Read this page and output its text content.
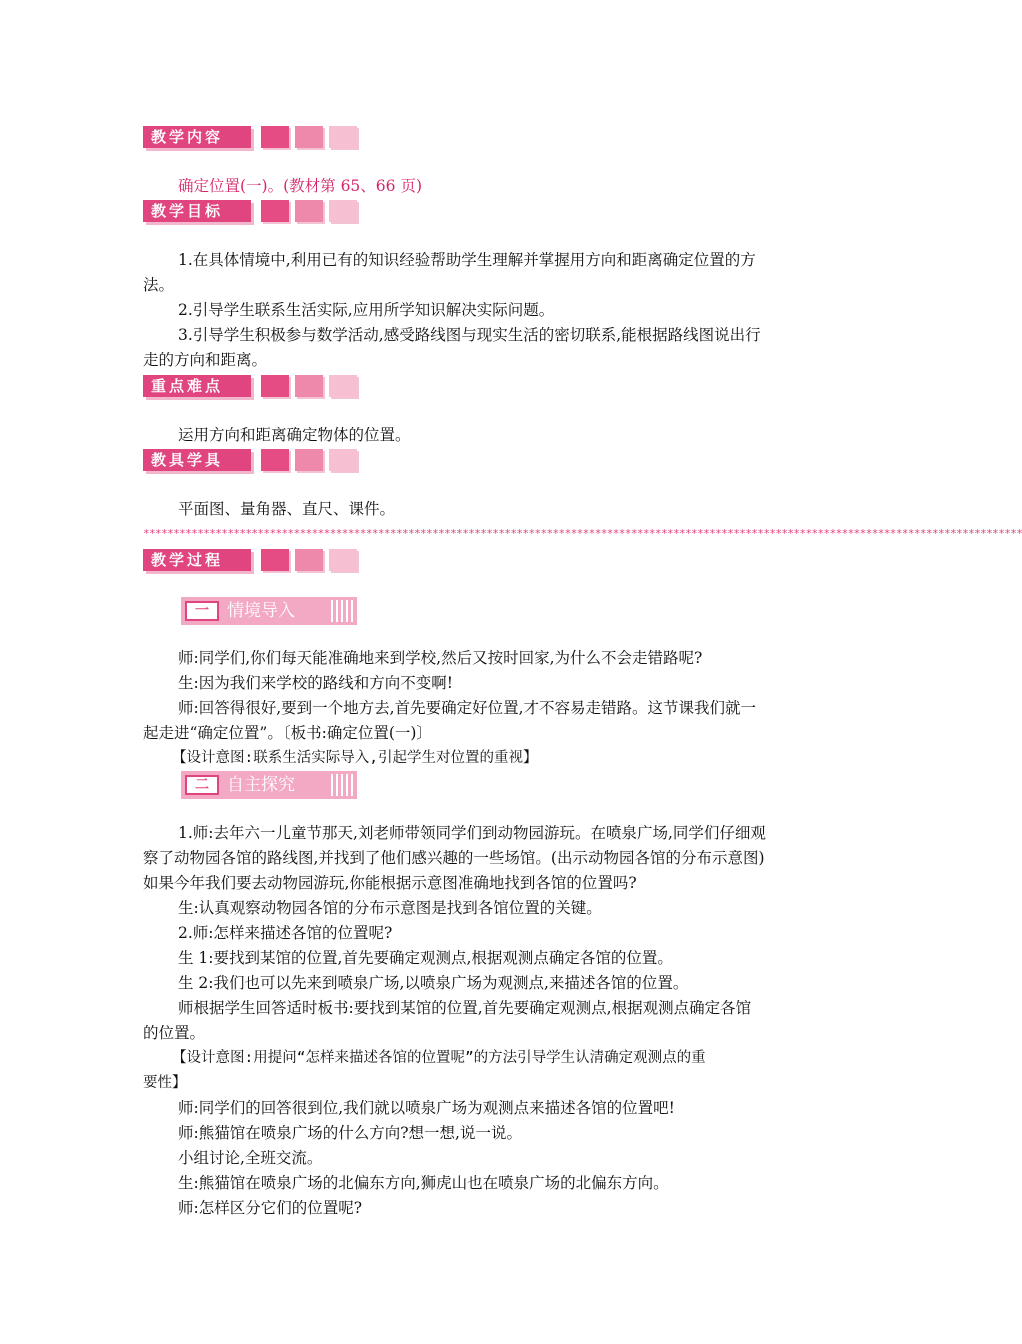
教学内容
确定位置(一)。(教材第 65、66 页)
教学目标
1.在具体情境中,利用已有的知识经验帮助学生理解并掌握用方向和距离确定位置的方
法。
2.引导学生联系生活实际,应用所学知识解决实际问题。
3.引导学生积极参与数学活动,感受路线图与现实生活的密切联系,能根据路线图说出行
走的方向和距离。
重点难点
运用方向和距离确定物体的位置。
教具学具
平面图、量角器、直尺、课件。
**************************************************************************************************************************************************
教学过程
一	情境导入
师:同学们,你们每天能准确地来到学校,然后又按时回家,为什么不会走错路呢?
生:因为我们来学校的路线和方向不变啊!
师:回答得很好,要到一个地方去,首先要确定好位置,才不容易走错路。这节课我们就一
起走进“确定位置”。〔板书:确定位置(一)〕
【设计意图:联系生活实际导入,引起学生对位置的重视】
二	自主探究
1.师:去年六一儿童节那天,刘老师带领同学们到动物园游玩。在喷泉广场,同学们仔细观
察了动物园各馆的路线图,并找到了他们感兴趣的一些场馆。(出示动物园各馆的分布示意图)
如果今年我们要去动物园游玩,你能根据示意图准确地找到各馆的位置吗?
生:认真观察动物园各馆的分布示意图是找到各馆位置的关键。
2.师:怎样来描述各馆的位置呢?
生 1:要找到某馆的位置,首先要确定观测点,根据观测点确定各馆的位置。
生 2:我们也可以先来到喷泉广场,以喷泉广场为观测点,来描述各馆的位置。
师根据学生回答适时板书:要找到某馆的位置,首先要确定观测点,根据观测点确定各馆
的位置。
【设计意图:用提问“怎样来描述各馆的位置呢”的方法引导学生认清确定观测点的重
要性】
师:同学们的回答很到位,我们就以喷泉广场为观测点来描述各馆的位置吧!
师:熊猫馆在喷泉广场的什么方向?想一想,说一说。
小组讨论,全班交流。
生:熊猫馆在喷泉广场的北偏东方向,狮虎山也在喷泉广场的北偏东方向。
师:怎样区分它们的位置呢?
